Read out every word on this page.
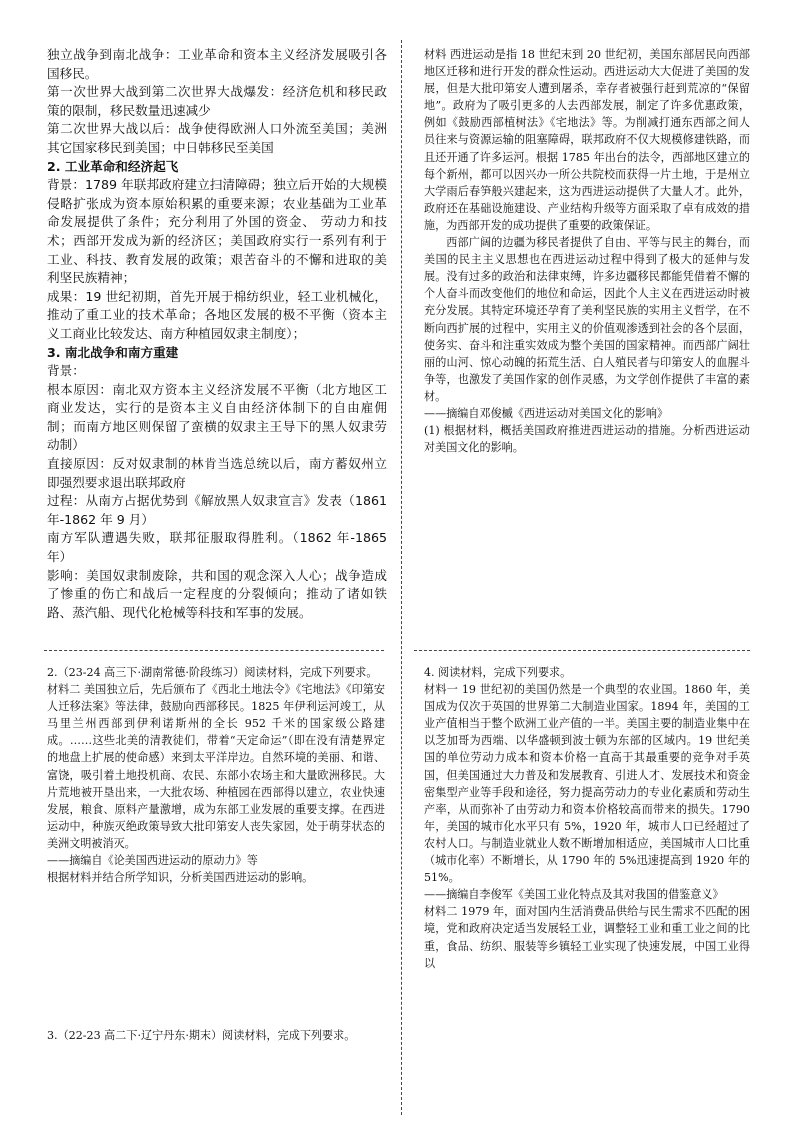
独立战争到南北战争：工业革命和资本主义经济发展吸引各国移民。

第一次世界大战到第二次世界大战爆发：经济危机和移民政策的限制，移民数量迅速减少

第二次世界大战以后：战争使得欧洲人口外流至美国；美洲其它国家移民到美国；中日韩移民至美国

2. 工业革命和经济起飞

背景：1789 年联邦政府建立扫清障碍；独立后开始的大规模侵略扩张成为资本原始积累的重要来源；农业基础为工业革命发展提供了条件；充分利用了外国的资金、 劳动力和技术；西部开发成为新的经济区；美国政府实行一系列有利于工业、科技、教育发展的政策；艰苦奋斗的不懈和进取的美利坚民族精神；

成果：19 世纪初期，首先开展于棉纺织业，轻工业机械化，推动了重工业的技术革命；各地区发展的极不平衡（资本主义工商业比较发达、南方种植园奴隶主制度）；

3. 南北战争和南方重建

背景：

根本原因：南北双方资本主义经济发展不平衡（北方地区工商业发达，实行的是资本主义自由经济体制下的自由雇佣制；而南方地区则保留了蛮横的奴隶主王导下的黑人奴隶劳动制）

直接原因：反对奴隶制的林肯当选总统以后，南方蓄奴州立即强烈要求退出联邦政府

过程：从南方占据优势到《解放黑人奴隶宣言》发表（1861 年-1862 年 9 月）

南方军队遭遇失败，联邦征服取得胜利。（1862 年-1865 年）

影响：美国奴隶制废除，共和国的观念深入人心；战争造成了惨重的伤亡和战后一定程度的分裂倾向；推动了诸如铁路、蒸汽船、现代化枪械等科技和军事的发展。

2.（23-24 高三下·湖南常德·阶段练习）阅读材料，完成下列要求。

材料二 美国独立后，先后颁布了《西北土地法令》《宅地法》《印第安人迁移法案》等法律，鼓励向西部移民。1825 年伊利运河竣工，从马里兰州西部到伊利诺斯州的全长 952 千米的国家级公路建成。……这些北美的清教徒们，带着“天定命运”（即在没有清楚界定的地盘上扩展的使命感）来到太平洋岸边。自然环境的美丽、和谐、富饶，吸引着土地投机商、农民、东部小农场主和大量欧洲移民。大片荒地被开垦出来，一大批农场、种植园在西部得以建立，农业快速发展，粮食、原料产量激增，成为东部工业发展的重要支撑。在西进运动中，种族灭绝政策导致大批印第安人丧失家园，处于萌芽状态的美洲文明被消灭。

——摘编自《论美国西进运动的原动力》等

根据材料并结合所学知识，分析美国西进运动的影响。

3.（22-23 高二下·辽宁丹东·期末）阅读材料，完成下列要求。

材料 西进运动是指 18 世纪末到 20 世纪初，美国东部居民向西部地区迁移和进行开发的群众性运动。西进运动大大促进了美国的发展，但是大批印第安人遭到屠杀，幸存者被强行赶到荒凉的“保留地”。政府为了吸引更多的人去西部发展，制定了许多优惠政策，例如《鼓励西部植树法》《宅地法》等。为削减打通东西部之间人员往来与资源运输的阻塞障碍，联邦政府不仅大规模修建铁路，而且还开通了许多运河。根据 1785 年出台的法令，西部地区建立的每个新州，都可以因兴办一所公共院校而获得一片土地，于是州立大学雨后春笋般兴建起来，这为西进运动提供了大量人才。此外，政府还在基础设施建设、产业结构升级等方面采取了卓有成效的措施，为西部开发的成功提供了重要的政策保证。

西部广阔的边疆为移民者提供了自由、平等与民主的舞台，而美国的民主主义思想也在西进运动过程中得到了极大的延伸与发展。没有过多的政治和法律束缚，许多边疆移民都能凭借着不懈的个人奋斗而改变他们的地位和命运，因此个人主义在西进运动时被充分发展。其特定环境还孕育了美利坚民族的实用主义哲学，在不断向西扩展的过程中，实用主义的价值观渗透到社会的各个层面，使务实、奋斗和注重实效成为整个美国的国家精神。而西部广阔壮丽的山河、惊心动魄的拓荒生活、白人殖民者与印第安人的血腥斗争等，也激发了美国作家的创作灵感，为文学创作提供了丰富的素材。

——摘编自邓俊槭《西进运动对美国文化的影响》

(1) 根据材料，概括美国政府推进西进运动的措施。分析西进运动对美国文化的影响。

4. 阅读材料，完成下列要求。

材料一 19 世纪初的美国仍然是一个典型的农业国。1860 年，美国成为仅次于英国的世界第二大制造业国家。1894 年，美国的工业产值相当于整个欧洲工业产值的一半。美国主要的制造业集中在以芝加哥为西端、以华盛顿到波士顿为东部的区域内。19 世纪美国的单位劳动力成本和资本价格一直高于其最重要的竞争对手英国，但美国通过大力普及和发展教育、引进人才、发展技术和资金密集型产业等手段和途径，努力提高劳动力的专业化素质和劳动生产率，从而弥补了由劳动力和资本价格较高而带来的损失。1790 年，美国的城市化水平只有 5%，1920 年，城市人口已经超过了农村人口。与制造业就业人数不断增加相适应，美国城市人口比重（城市化率）不断增长，从 1790 年的 5%迅速提高到 1920 年的 51%。

——摘编自李俊军《美国工业化特点及其对我国的借鉴意义》

材料二 1979 年，面对国内生活消费品供给与民生需求不匹配的困境，党和政府决定适当发展轻工业，调整轻工业和重工业之间的比重，食品、纺织、服装等乡镇轻工业实现了快速发展，中国工业得以
